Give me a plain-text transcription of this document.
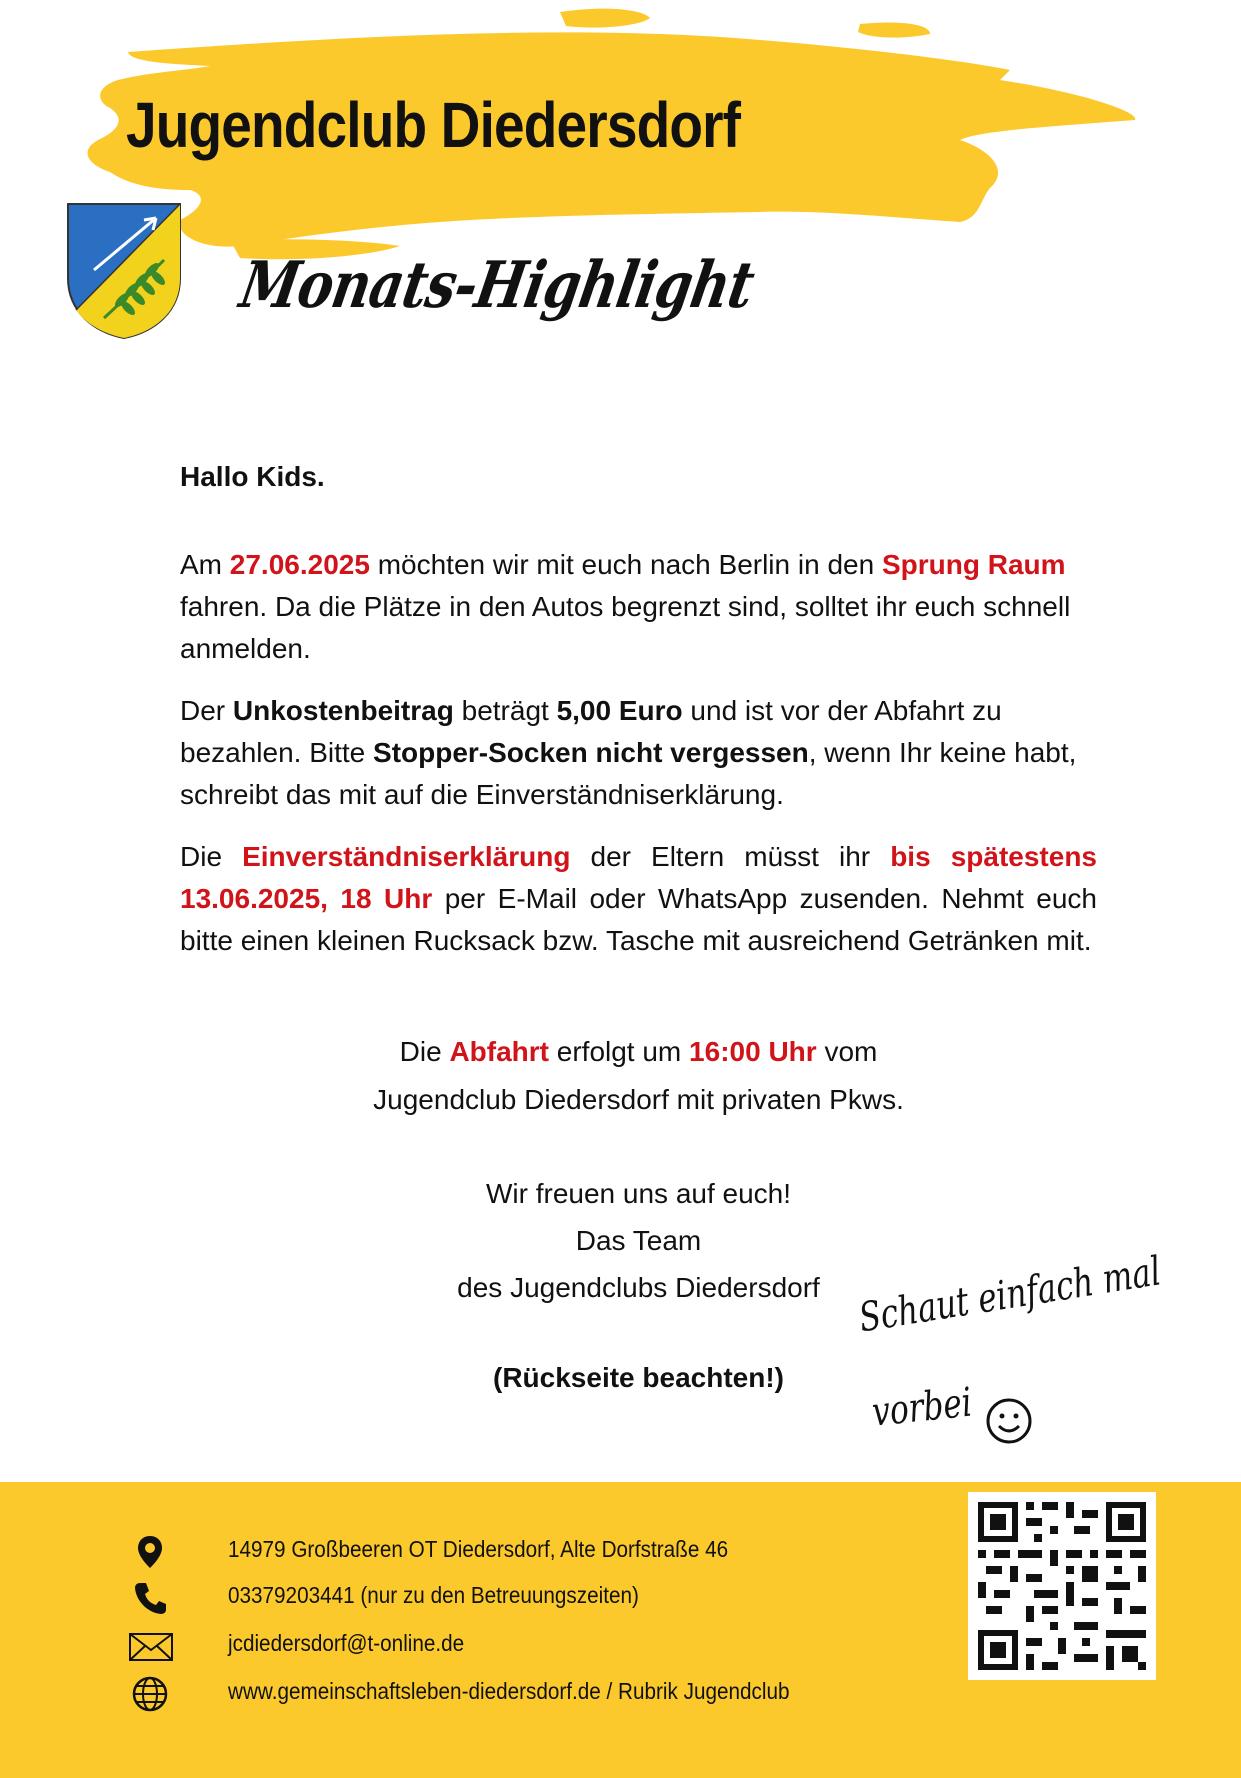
Jugendclub Diedersdorf
Monats-Highlight

Hallo Kids.

Am 27.06.2025 möchten wir mit euch nach Berlin in den Sprung Raum fahren. Da die Plätze in den Autos begrenzt sind, solltet ihr euch schnell anmelden.

Der Unkostenbeitrag beträgt 5,00 Euro und ist vor der Abfahrt zu bezahlen. Bitte Stopper-Socken nicht vergessen, wenn Ihr keine habt, schreibt das mit auf die Einverständniserklärung.

Die Einverständniserklärung der Eltern müsst ihr bis spätestens 13.06.2025, 18 Uhr per E-Mail oder WhatsApp zusenden. Nehmt euch bitte einen kleinen Rucksack bzw. Tasche mit ausreichend Getränken mit.

Die Abfahrt erfolgt um 16:00 Uhr vom
Jugendclub Diedersdorf mit privaten Pkws.
Wir freuen uns auf euch!
Das Team
des Jugendclubs Diedersdorf
(Rückseite beachten!)
Schaut einfach mal
vorbei
14979 Großbeeren OT Diedersdorf, Alte Dorfstraße 46
03379203441 (nur zu den Betreuungszeiten)
jcdiedersdorf@t-online.de
www.gemeinschaftsleben-diedersdorf.de / Rubrik Jugendclub
